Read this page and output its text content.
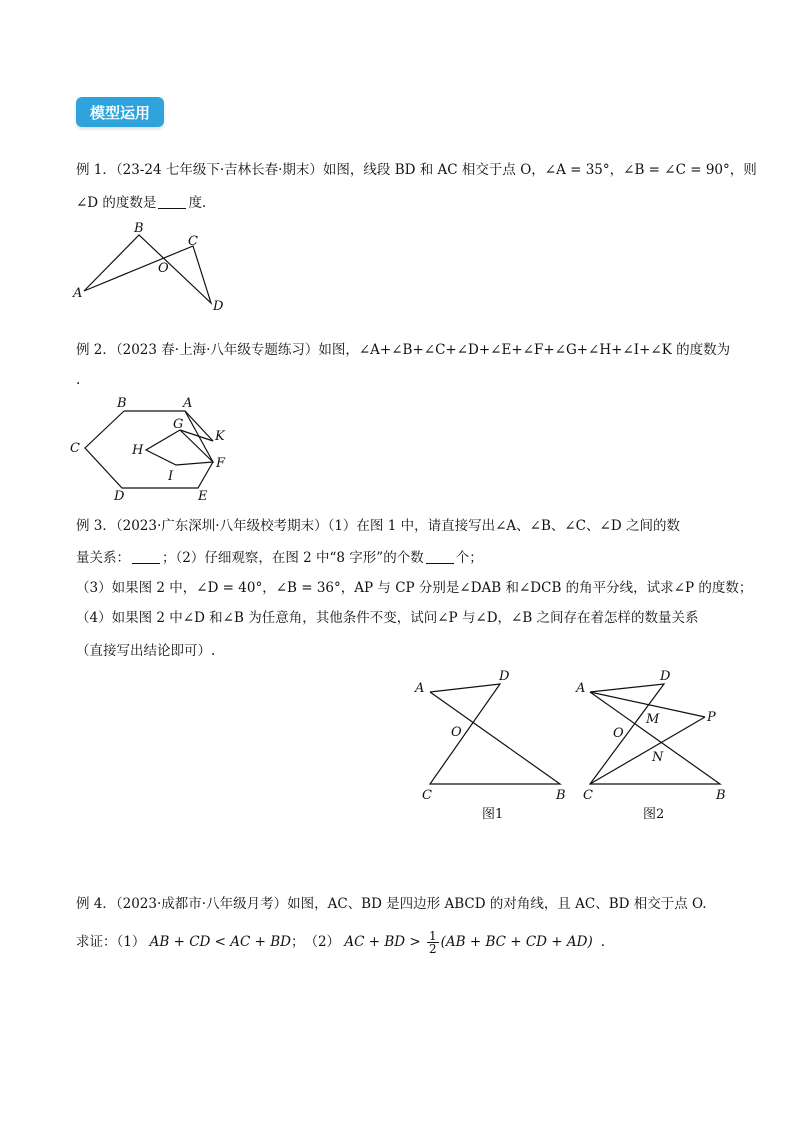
模型运用
例 1．（23-24 七年级下·吉林长春·期末）如图，线段 BD 和 AC 相交于点 O，∠A = 35°，∠B = ∠C = 90°，则
∠D 的度数是 度.
B
C
O
A
D
例 2．（2023 春·上海·八年级专题练习）如图，∠A+∠B+∠C+∠D+∠E+∠F+∠G+∠H+∠I+∠K 的度数为
.
B	A
C
G
K
H
F
I
D	E
例 3．（2023·广东深圳·八年级校考期末）（1）在图 1 中，请直接写出∠A、∠B、∠C、∠D 之间的数
量关系： ；（2）仔细观察，在图 2 中“8 字形”的个数 个；
（3）如果图 2 中，∠D = 40°，∠B = 36°，AP 与 CP 分别是∠DAB 和∠DCB 的角平分线，试求∠P 的度数；
（4）如果图 2 中∠D 和∠B 为任意角，其他条件不变，试问∠P 与∠D，∠B 之间存在着怎样的数量关系
（直接写出结论即可）.
A
D
O
C	B
图1
A
D
M	P
O
N
C	B
图2
例 4．（2023·成都市·八年级月考）如图，AC、BD 是四边形 ABCD 的对角线，且 AC、BD 相交于点 O.
求证：（1） AB + CD < AC + BD；　（2） AC + BD > $\frac{1}{2} (AB$ + BC + CD + AD) .
